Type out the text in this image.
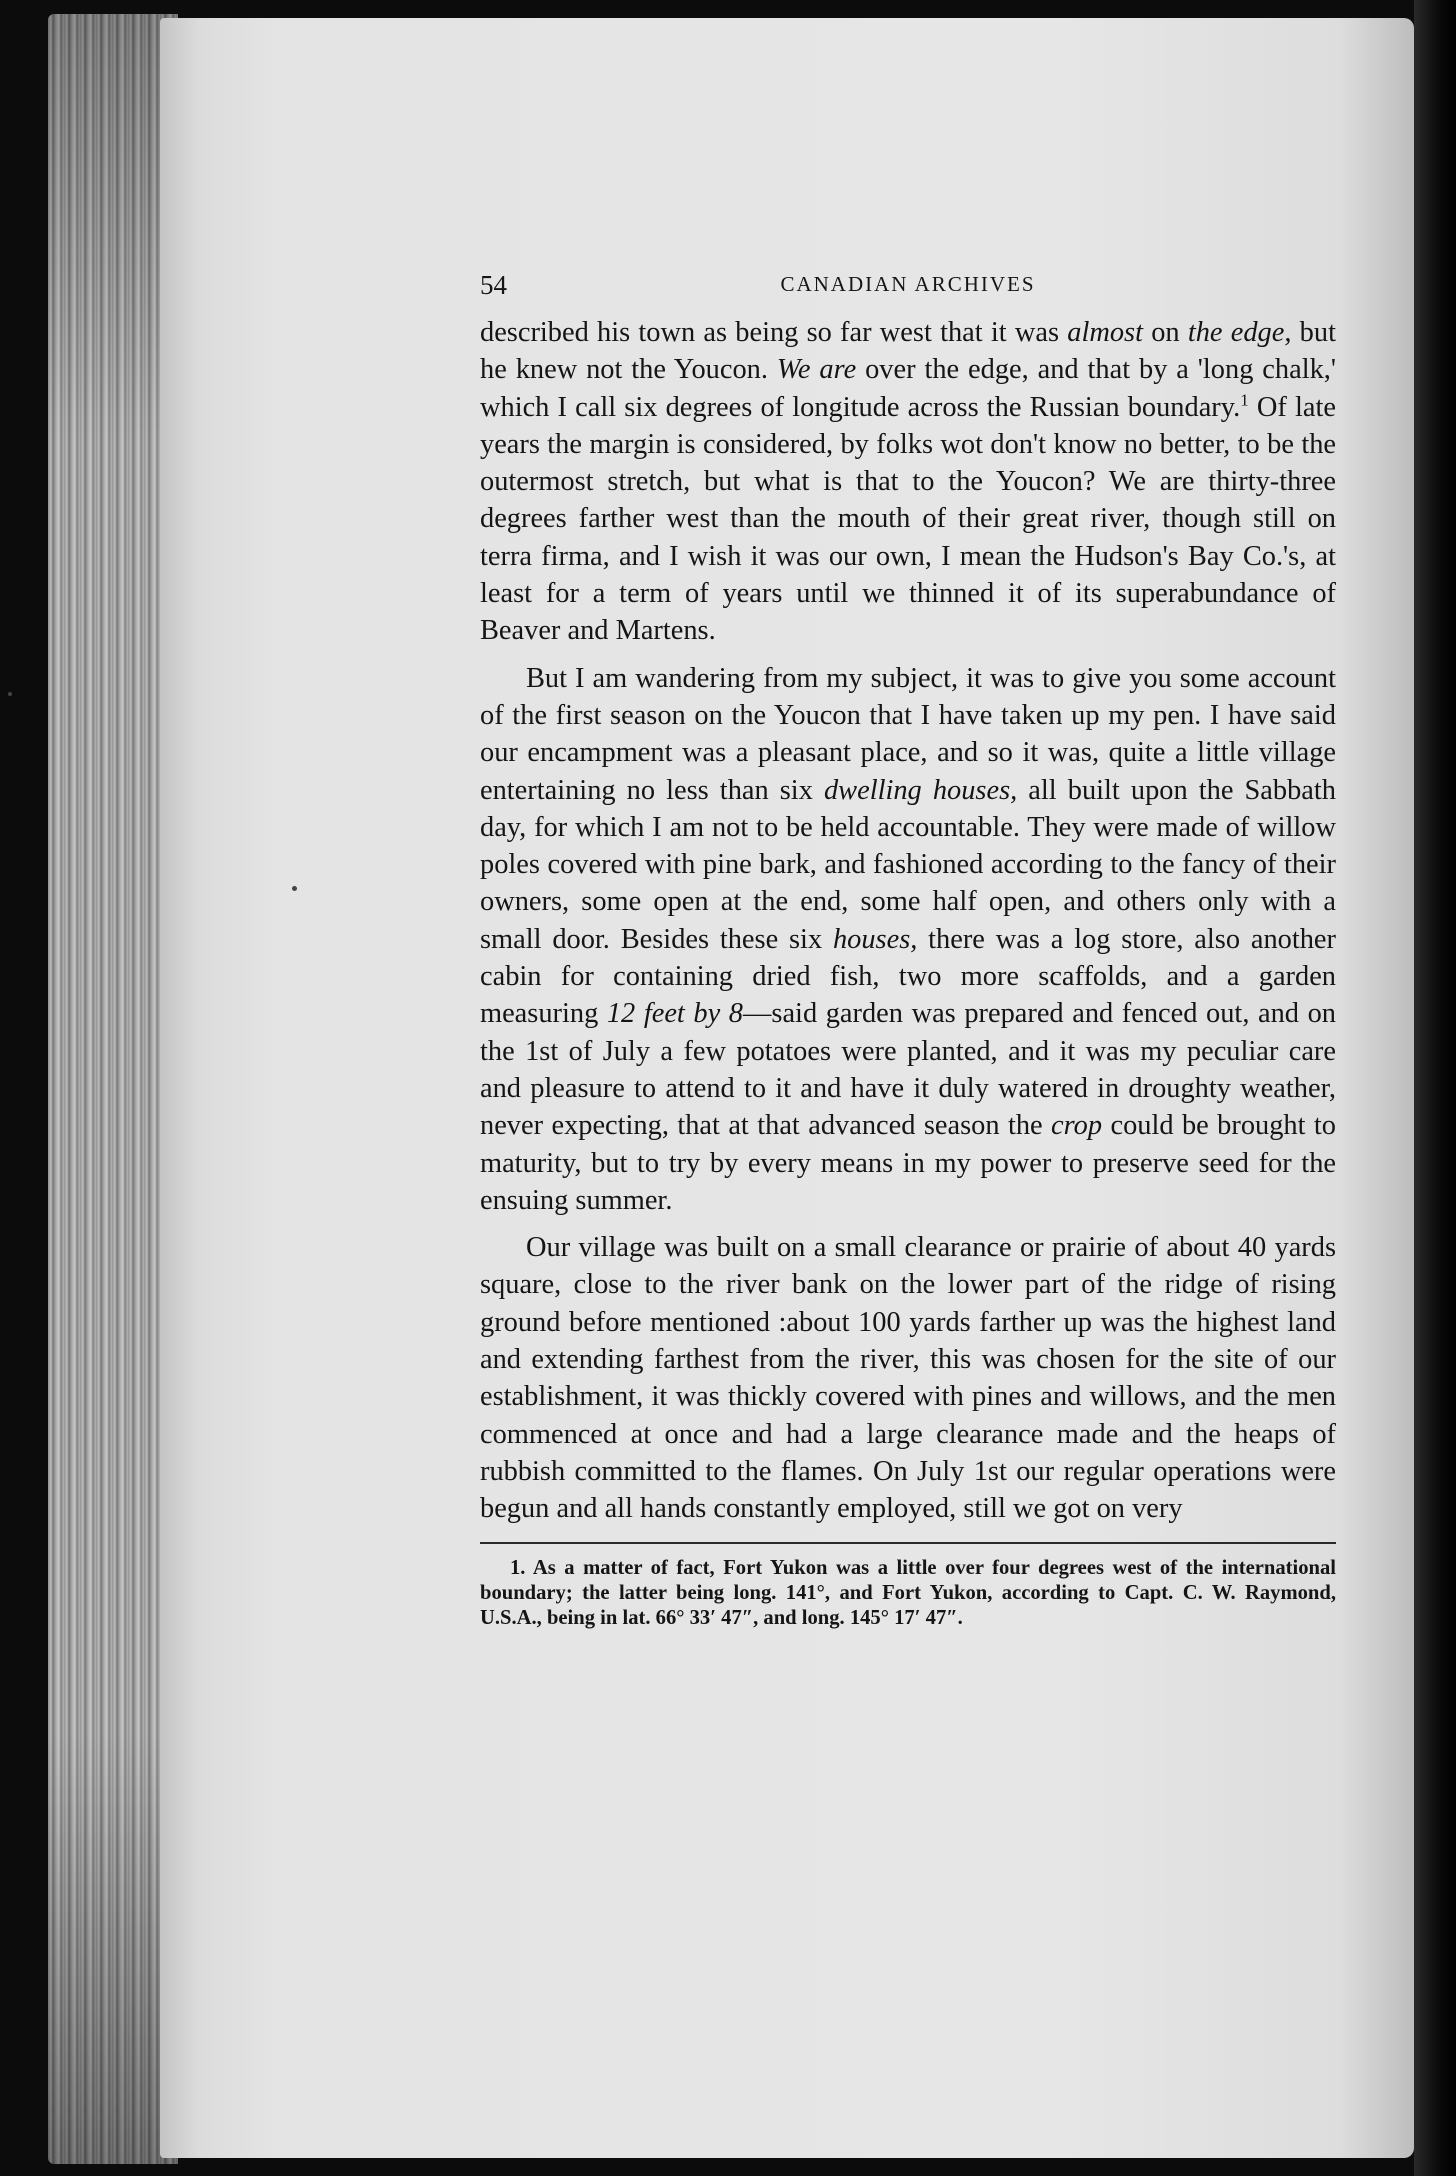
54	CANADIAN ARCHIVES

described his town as being so far west that it was almost on the edge, but he knew not the Youcon. We are over the edge, and that by a 'long chalk,' which I call six degrees of longitude across the Russian boundary.$^1$ Of late years the margin is considered, by folks wot don't know no better, to be the outermost stretch, but what is that to the Youcon? We are thirty-three degrees farther west than the mouth of their great river, though still on terra firma, and I wish it was our own, I mean the Hudson's Bay Co.'s, at least for a term of years until we thinned it of its superabundance of Beaver and Martens.

But I am wandering from my subject, it was to give you some account of the first season on the Youcon that I have taken up my pen. I have said our encampment was a pleasant place, and so it was, quite a little village entertaining no less than six dwelling houses, all built upon the Sabbath day, for which I am not to be held accountable. They were made of willow poles covered with pine bark, and fashioned according to the fancy of their owners, some open at the end, some half open, and others only with a small door. Besides these six houses, there was a log store, also another cabin for containing dried fish, two more scaffolds, and a garden measuring 12 feet by 8—said garden was prepared and fenced out, and on the 1st of July a few potatoes were planted, and it was my peculiar care and pleasure to attend to it and have it duly watered in droughty weather, never expecting, that at that advanced season the crop could be brought to maturity, but to try by every means in my power to preserve seed for the ensuing summer.

Our village was built on a small clearance or prairie of about 40 yards square, close to the river bank on the lower part of the ridge of rising ground before mentioned :about 100 yards farther up was the highest land and extending farthest from the river, this was chosen for the site of our establishment, it was thickly covered with pines and willows, and the men commenced at once and had a large clearance made and the heaps of rubbish committed to the flames. On July 1st our regular operations were begun and all hands constantly employed, still we got on very

1. As a matter of fact, Fort Yukon was a little over four degrees west of the international boundary; the latter being long. 141°, and Fort Yukon, according to Capt. C. W. Raymond, U.S.A., being in lat. 66° 33′ 47″, and long. 145° 17′ 47″.
